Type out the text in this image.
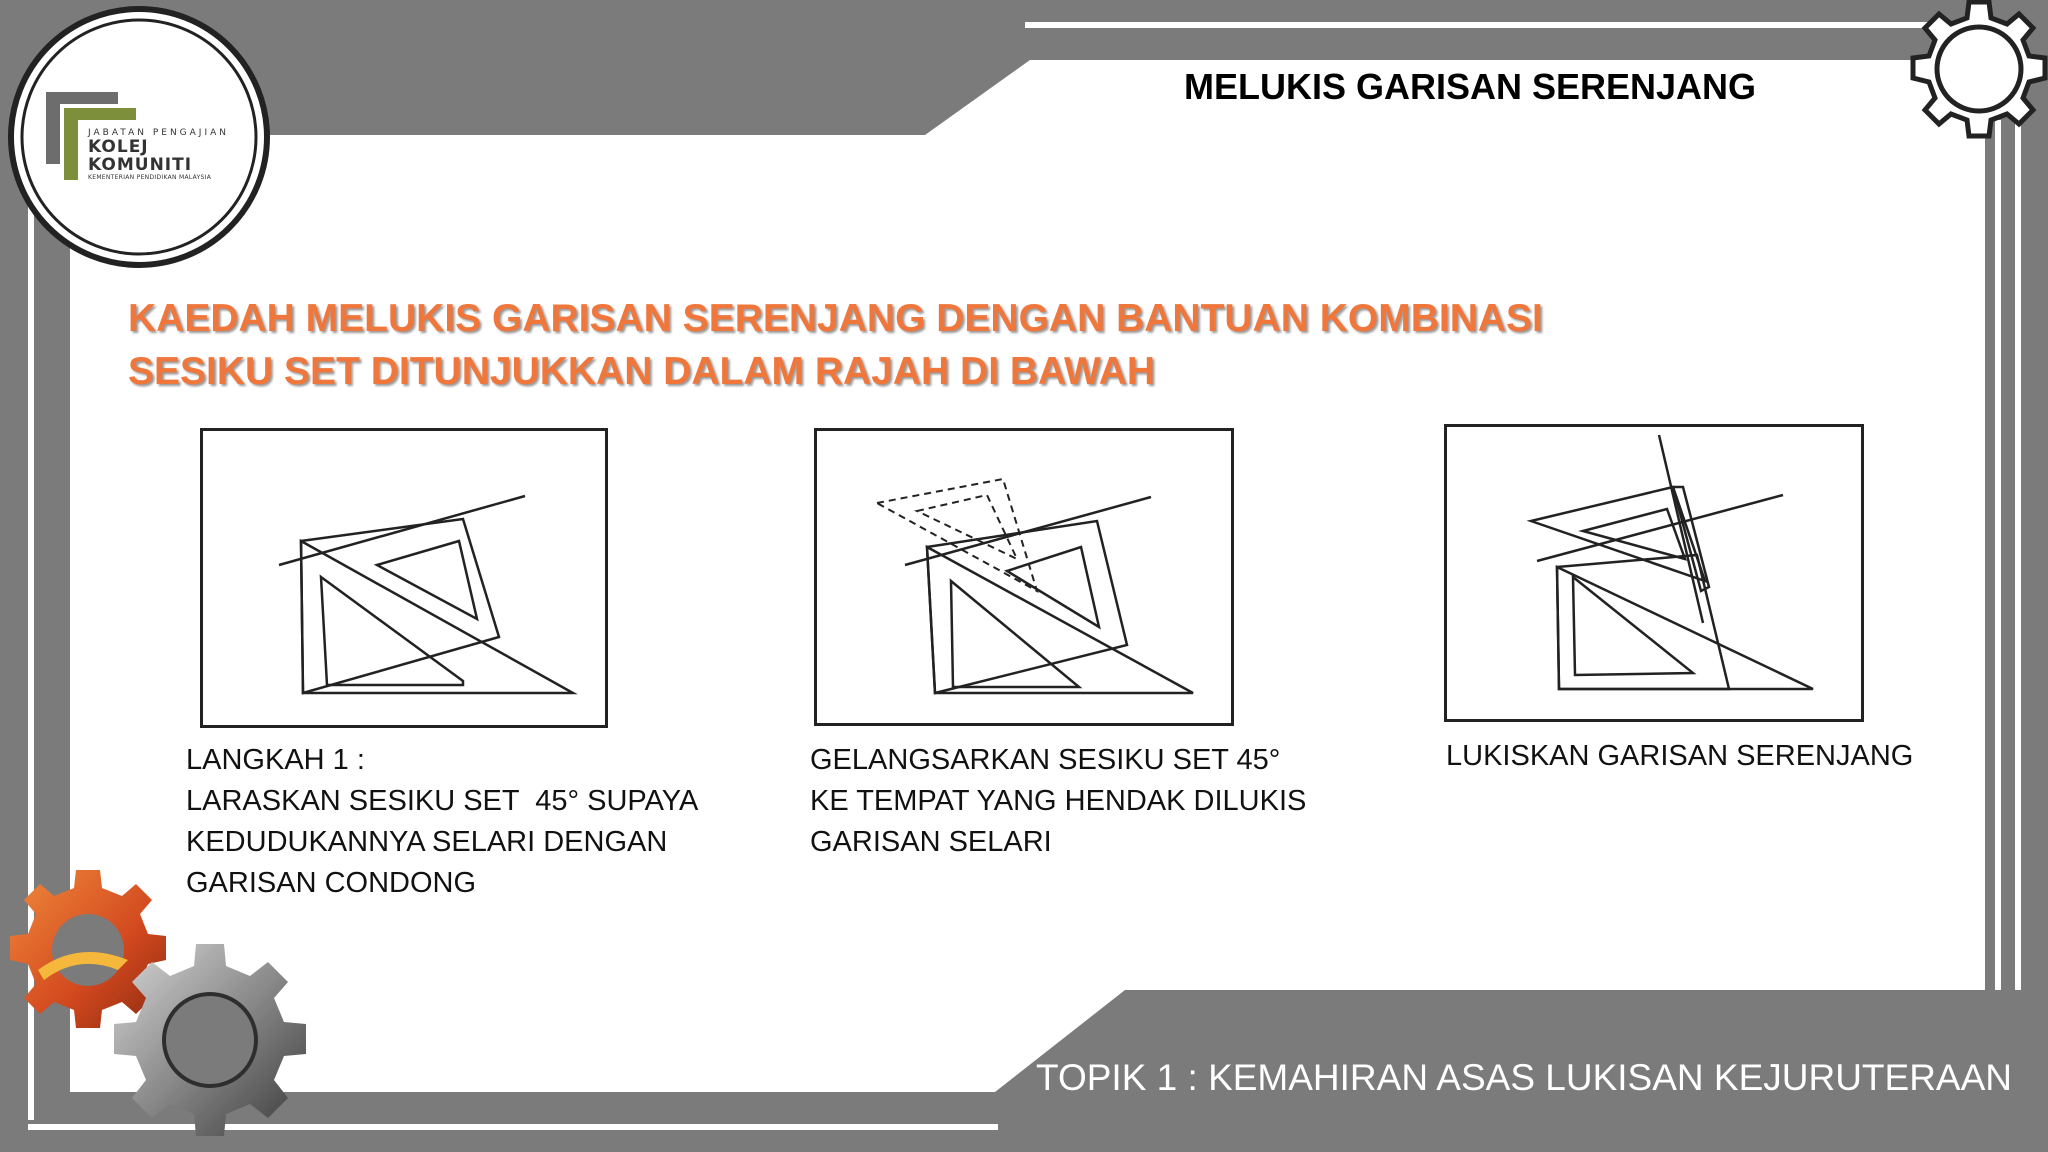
JABATAN PENGAJIAN
KOLEJ KOMUNITI
KEMENTERIAN PENDIDIKAN MALAYSIA
MELUKIS GARISAN SERENJANG
KAEDAH MELUKIS GARISAN SERENJANG DENGAN BANTUAN KOMBINASI SESIKU SET DITUNJUKKAN DALAM RAJAH DI BAWAH
LANGKAH 1 :
LARASKAN SESIKU SET  45° SUPAYA
KEDUDUKANNYA SELARI DENGAN
GARISAN CONDONG
GELANGSARKAN SESIKU SET 45°
KE TEMPAT YANG HENDAK DILUKIS
GARISAN SELARI
LUKISKAN GARISAN SERENJANG
TOPIK 1 : KEMAHIRAN ASAS LUKISAN KEJURUTERAAN
